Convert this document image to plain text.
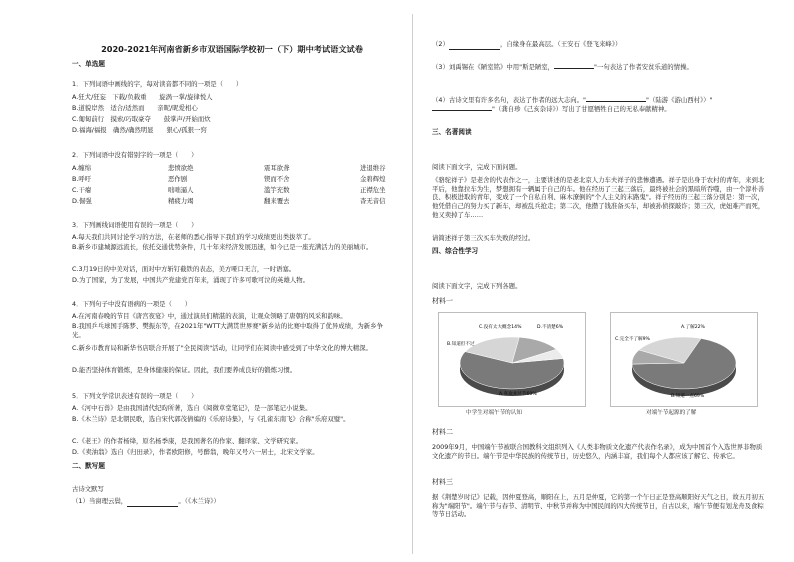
2020-2021年河南省新乡市双语国际学校初一（下）期中考试语文试卷
一、单选题
1．下列词语中画线的字，每对读音都不同的一项是（　　）
A.狂犬/狂妄　下载/负载重　　旋涡一掌/旋律悦人
B.道貌岸然　适合/适然而　　亲昵/昵爱相心
C.匍匐前行　摸索/巧取豪夺　　鼓掌声/开始而炊
D.福海/福报　确然/确然明显　　狠心/孤狠一窍
2．下列词语中没有错别字的一项是（　　）
A.缠绵	悲愤欲绝	震耳欲聋	进退维谷
B.呼吁	恶作剧	锲而不舍	金碧辉煌
C.干瘪	咄咄逼人	滥竽充数	正襟危坐
D.倔强	精疲力竭	翻来覆去	杳无音信
3．下列画线词语使用有误的一项是（　　）
A.每天我们共同讨论学习的方法，在老师的悉心指导下我们的学习成绩更出类拔萃了。
B.新乡市建城源远流长，依托交通优势条件，几十年来经济发展迅速，如今已是一座充满活力的美丽城市。
C.3月19日的中美对话，面对中方斩钉截铁的表态，美方哑口无言，一时语塞。
D.为了国家，为了发展，中国共产党建党百年来，涌现了许多可歌可泣的英雄人物。
4．下列句子中没有语病的一项是（　　）
A.在河南春晚的节目《唐宫夜宴》中，通过演员们精湛的表演，让观众领略了唐朝的风采和韵味。
B.我国乒乓球国手陈梦、樊振东等，在2021年"WTT大满贯世界赛"新乡站的比赛中取得了优异成绩，为新乡争光。
C.新乡市教育局和新华书店联合开展了"全民阅读"活动，让同学们在阅读中感受到了中华文化的博大精深。
D.能否坚持体育锻炼，是身体健康的保证。因此，我们要养成良好的锻炼习惯。
5．下列文学常识表述有误的一项是（　　）
A.《河中石兽》是由我国清代纪昀所著，选自《阅微草堂笔记》，是一部笔记小说集。
B.《木兰诗》是北朝民歌，选自宋代郭茂倩编的《乐府诗集》，与《孔雀东南飞》合称"乐府双璧"。
C.《老王》的作者杨绛，原名杨季康，是我国著名的作家、翻译家、文学研究家。
D.《卖油翁》选自《归田录》，作者欧阳修，号醉翁，晚年又号六一居士，北宋文学家。
二、默写题
古诗文默写
（1）当窗理云鬓，　　　　　　　　	。（《木兰诗》）
（2）　　　　　　　　	，自缘身在最高层。（王安石《登飞来峰》）
（3）刘禹锡在《陋室铭》中用"斯是陋室，	"一句表达了作者安贫乐道的情操。
（4）古诗文里有许多名句，表达了作者的远大志向。"	"（陆游《游山西村》）""（龚自珍《己亥杂诗》）写出了甘愿牺牲自己的无私奉献精神。
三、名著阅读
阅读下面文字，完成下面问题。
《骆驼祥子》是老舍的代表作之一，主要讲述的是老北京人力车夫祥子的悲惨遭遇。祥子是出身于农村的青年，来到北平后，他靠拉车为生，梦想拥有一辆属于自己的车。他在经历了三起三落后，最终被社会的黑暗所吞噬，由一个淳朴善良、积极进取的青年，变成了一个自私自利、麻木潦倒的"个人主义的末路鬼"。祥子经历的三起三落分别是：第一次，他凭借自己的努力买了新车，却被乱兵抢走；第二次，他攒了钱准备买车，却被孙侦探敲诈；第三次，虎妞难产而死，他又卖掉了车……
请简述祥子第三次买车失败的经过。
四、综合性学习
阅读下面文字，完成下列各题。
材料一
A.喜欢并过节60%
B.知道但不过
C.没有太大概念14%	D.不清楚6%
中学生对端午节的认知
A.了解22%
B.知道一点69%
C.完全不了解9%
对端午节起源的了解
材料二
2009年9月，中国端午节被联合国教科文组织列入《人类非物质文化遗产代表作名录》，成为中国首个入选世界非物质文化遗产的节日。端午节是中华民族的传统节日，历史悠久，内涵丰富，我们每个人都应该了解它、传承它。
材料三
据《荆楚岁时记》记载，因仲夏登高，顺阳在上，五月是仲夏，它的第一个午日正是登高顺阳好天气之日，故五月初五称为"端阳节"。端午节与春节、清明节、中秋节并称为中国民间的四大传统节日，自古以来，端午节便有划龙舟及食粽等节日活动。
